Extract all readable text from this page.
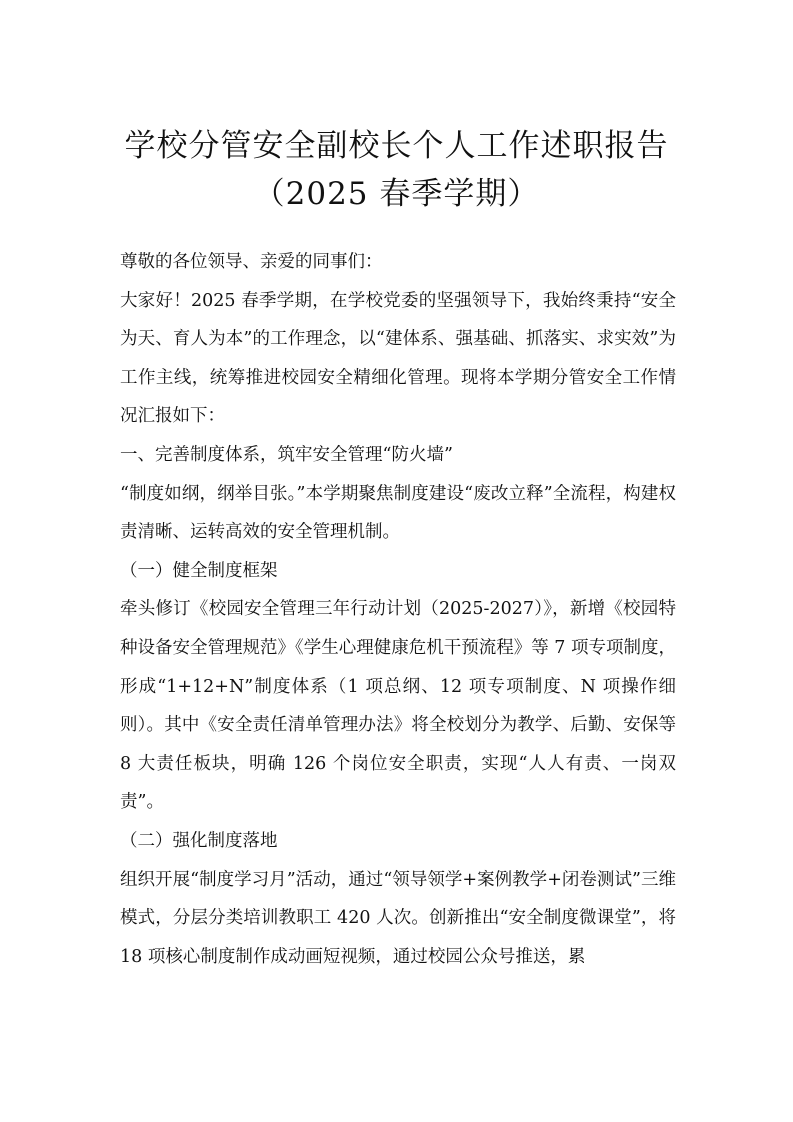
学校分管安全副校长个人工作述职报告
（2025 春季学期）

尊敬的各位领导、亲爱的同事们：

大家好！2025 春季学期，在学校党委的坚强领导下，我始终秉持“安全为天、育人为本”的工作理念，以“建体系、强基础、抓落实、求实效”为工作主线，统筹推进校园安全精细化管理。现将本学期分管安全工作情况汇报如下：

一、完善制度体系，筑牢安全管理“防火墙”

“制度如纲，纲举目张。”本学期聚焦制度建设“废改立释”全流程，构建权责清晰、运转高效的安全管理机制。

（一）健全制度框架

牵头修订《校园安全管理三年行动计划（2025-2027）》，新增《校园特种设备安全管理规范》《学生心理健康危机干预流程》等 7 项专项制度，形成“1+12+N”制度体系（1 项总纲、12 项专项制度、N 项操作细则）。其中《安全责任清单管理办法》将全校划分为教学、后勤、安保等 8 大责任板块，明确 126 个岗位安全职责，实现“人人有责、一岗双责”。

（二）强化制度落地

组织开展“制度学习月”活动，通过“领导领学+案例教学+闭卷测试”三维模式，分层分类培训教职工 420 人次。创新推出“安全制度微课堂”，将 18 项核心制度制作成动画短视频，通过校园公众号推送，累
